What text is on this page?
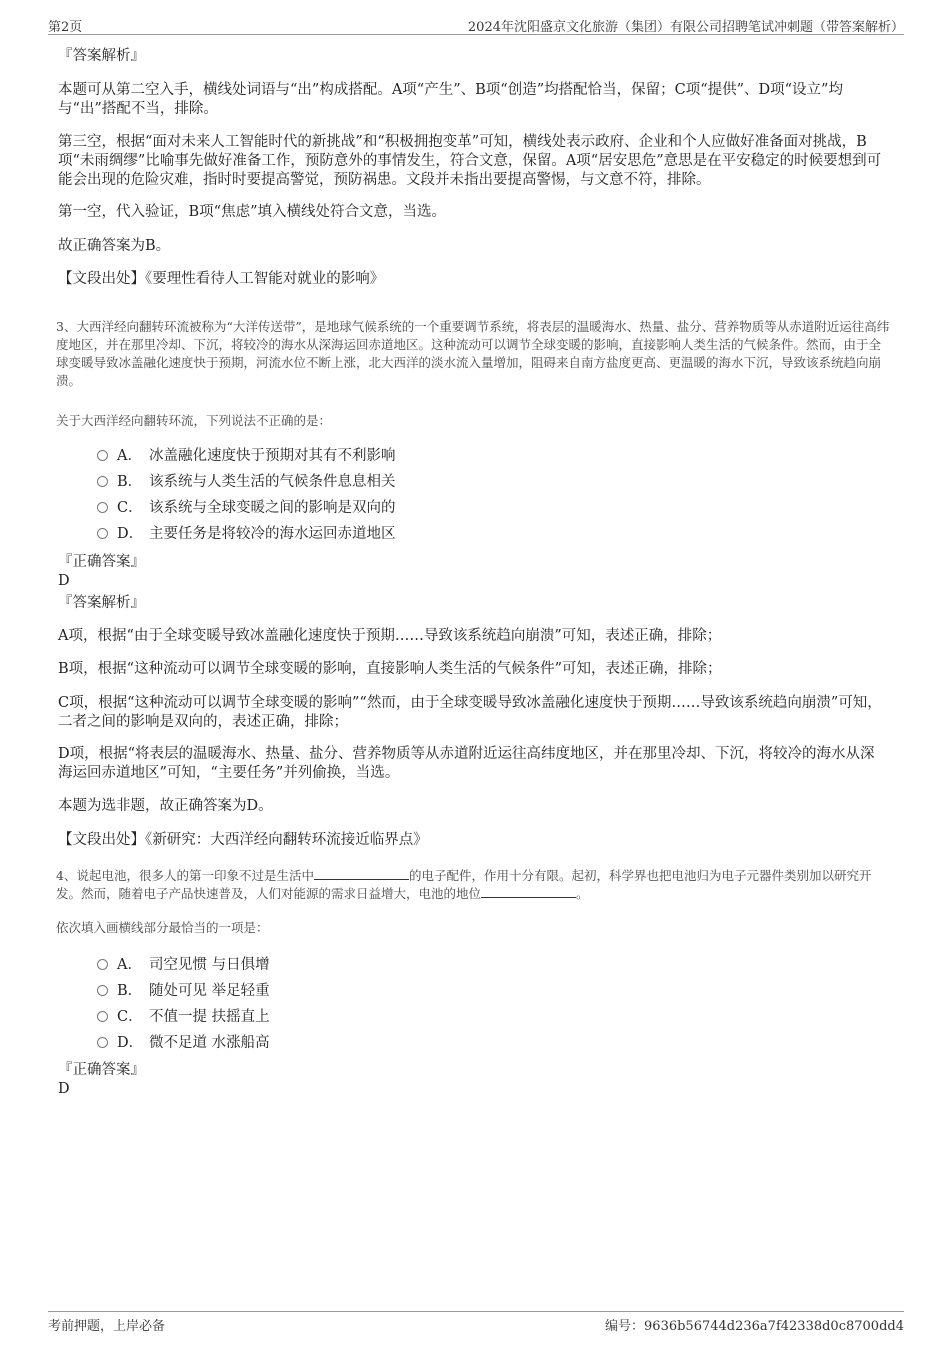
第2页	2024年沈阳盛京文化旅游（集团）有限公司招聘笔试冲刺题（带答案解析）

『答案解析』

本题可从第二空入手，横线处词语与“出”构成搭配。A项“产生”、B项“创造”均搭配恰当，保留；C项“提供”、D项“设立”均与“出”搭配不当，排除。

第三空，根据“面对未来人工智能时代的新挑战”和“积极拥抱变革”可知，横线处表示政府、企业和个人应做好准备面对挑战，B项“未雨绸缪”比喻事先做好准备工作，预防意外的事情发生，符合文意，保留。A项“居安思危”意思是在平安稳定的时候要想到可能会出现的危险灾难，指时时要提高警觉，预防祸患。文段并未指出要提高警惕，与文意不符，排除。

第一空，代入验证，B项“焦虑”填入横线处符合文意，当选。

故正确答案为B。

【文段出处】《要理性看待人工智能对就业的影响》

3、大西洋经向翻转环流被称为“大洋传送带”，是地球气候系统的一个重要调节系统，将表层的温暖海水、热量、盐分、营养物质等从赤道附近运往高纬度地区，并在那里冷却、下沉，将较冷的海水从深海运回赤道地区。这种流动可以调节全球变暖的影响，直接影响人类生活的气候条件。然而，由于全球变暖导致冰盖融化速度快于预期，河流水位不断上涨，北大西洋的淡水流入量增加，阻碍来自南方盐度更高、更温暖的海水下沉，导致该系统趋向崩溃。

关于大西洋经向翻转环流，下列说法不正确的是：

A． 冰盖融化速度快于预期对其有不利影响
B． 该系统与人类生活的气候条件息息相关
C． 该系统与全球变暖之间的影响是双向的
D． 主要任务是将较冷的海水运回赤道地区

『正确答案』

D

『答案解析』

A项，根据“由于全球变暖导致冰盖融化速度快于预期……导致该系统趋向崩溃”可知，表述正确，排除；

B项，根据“这种流动可以调节全球变暖的影响，直接影响人类生活的气候条件”可知，表述正确，排除；

C项，根据“这种流动可以调节全球变暖的影响”“然而，由于全球变暖导致冰盖融化速度快于预期……导致该系统趋向崩溃”可知，二者之间的影响是双向的，表述正确，排除；

D项，根据“将表层的温暖海水、热量、盐分、营养物质等从赤道附近运往高纬度地区，并在那里冷却、下沉，将较冷的海水从深海运回赤道地区”可知，“主要任务”并列偷换，当选。

本题为选非题，故正确答案为D。

【文段出处】《新研究：大西洋经向翻转环流接近临界点》

4、说起电池，很多人的第一印象不过是生活中	的电子配件，作用十分有限。起初，科学界也把电池归为电子元器件类别加以研究开发。然而，随着电子产品快速普及，人们对能源的需求日益增大，电池的地位	。

依次填入画横线部分最恰当的一项是：

A． 司空见惯 与日俱增
B． 随处可见 举足轻重
C． 不值一提 扶摇直上
D． 微不足道 水涨船高

『正确答案』

D

考前押题，上岸必备	编号：9636b56744d236a7f42338d0c8700dd4
